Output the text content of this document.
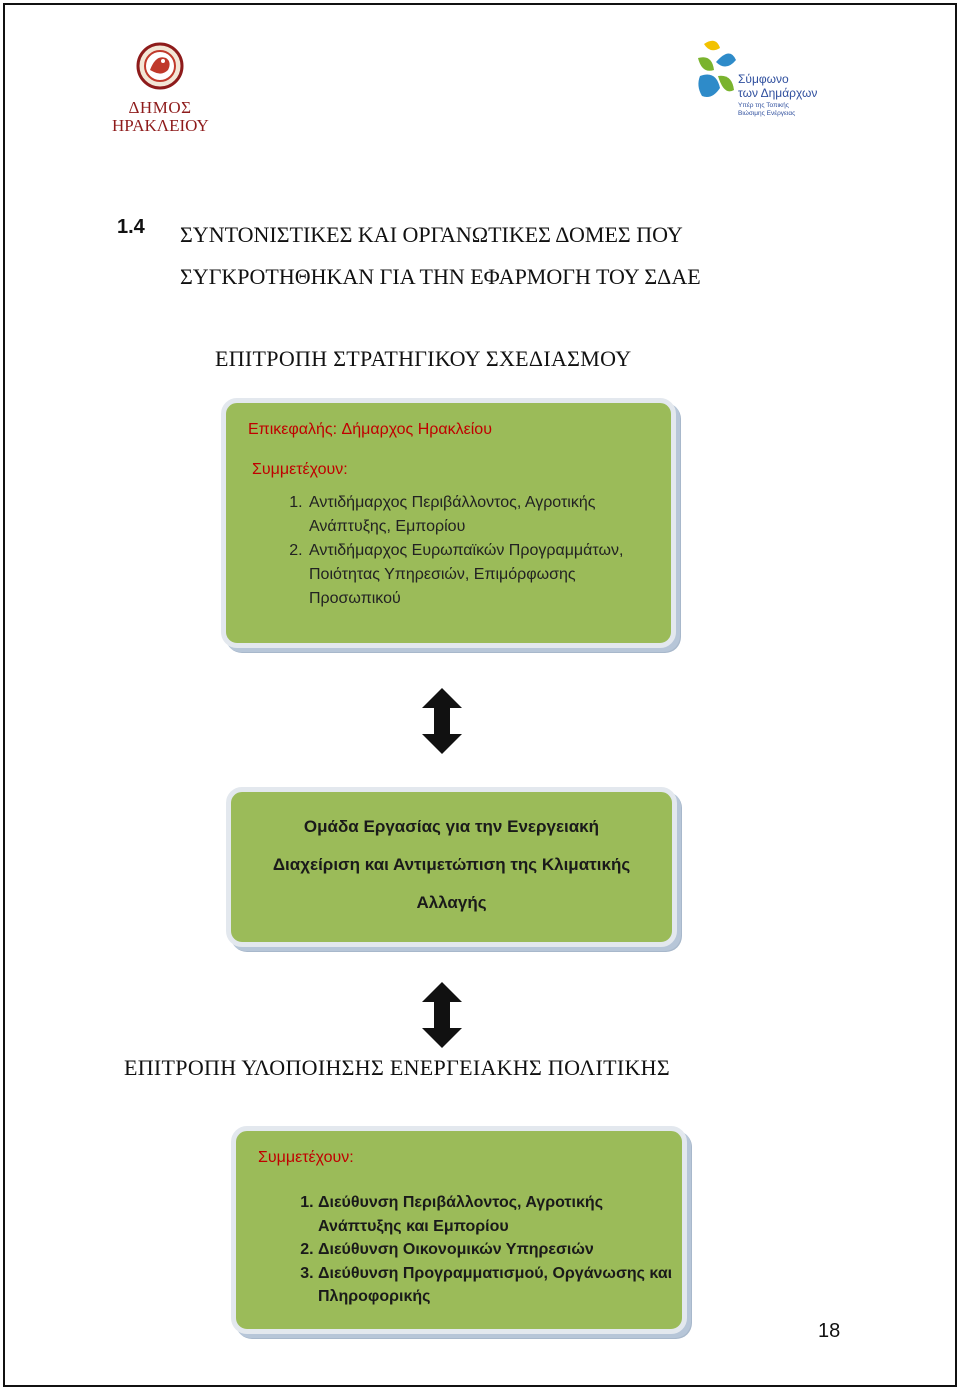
ΔΗΜΟΣ
ΗΡΑΚΛΕΙΟΥ
Σύμφωνο
των Δημάρχων
Υπέρ της Τοπικής
Βιώσιμης Ενέργειας
1.4 ΣΥΝΤΟΝΙΣΤΙΚΕΣ ΚΑΙ ΟΡΓΑΝΩΤΙΚΕΣ ΔΟΜΕΣ ΠΟΥ ΣΥΓΚΡΟΤΗΘΗΚΑΝ ΓΙΑ ΤΗΝ ΕΦΑΡΜΟΓΗ ΤΟΥ ΣΔΑΕ
ΕΠΙΤΡΟΠΗ ΣΤΡΑΤΗΓΙΚΟΥ ΣΧΕΔΙΑΣΜΟΥ
Επικεφαλής: Δήμαρχος Ηρακλείου
Συμμετέχουν:
1. Αντιδήμαρχος Περιβάλλοντος, Αγροτικής Ανάπτυξης, Εμπορίου
2. Αντιδήμαρχος Ευρωπαϊκών Προγραμμάτων, Ποιότητας Υπηρεσιών, Επιμόρφωσης Προσωπικού
Ομάδα Εργασίας για την Ενεργειακή
Διαχείριση και Αντιμετώπιση της Κλιματικής
Αλλαγής
ΕΠΙΤΡΟΠΗ ΥΛΟΠΟΙΗΣΗΣ ΕΝΕΡΓΕΙΑΚΗΣ ΠΟΛΙΤΙΚΗΣ
Συμμετέχουν:
1. Διεύθυνση Περιβάλλοντος, Αγροτικής Ανάπτυξης και Εμπορίου
2. Διεύθυνση Οικονομικών Υπηρεσιών
3. Διεύθυνση Προγραμματισμού, Οργάνωσης και Πληροφορικής
18
